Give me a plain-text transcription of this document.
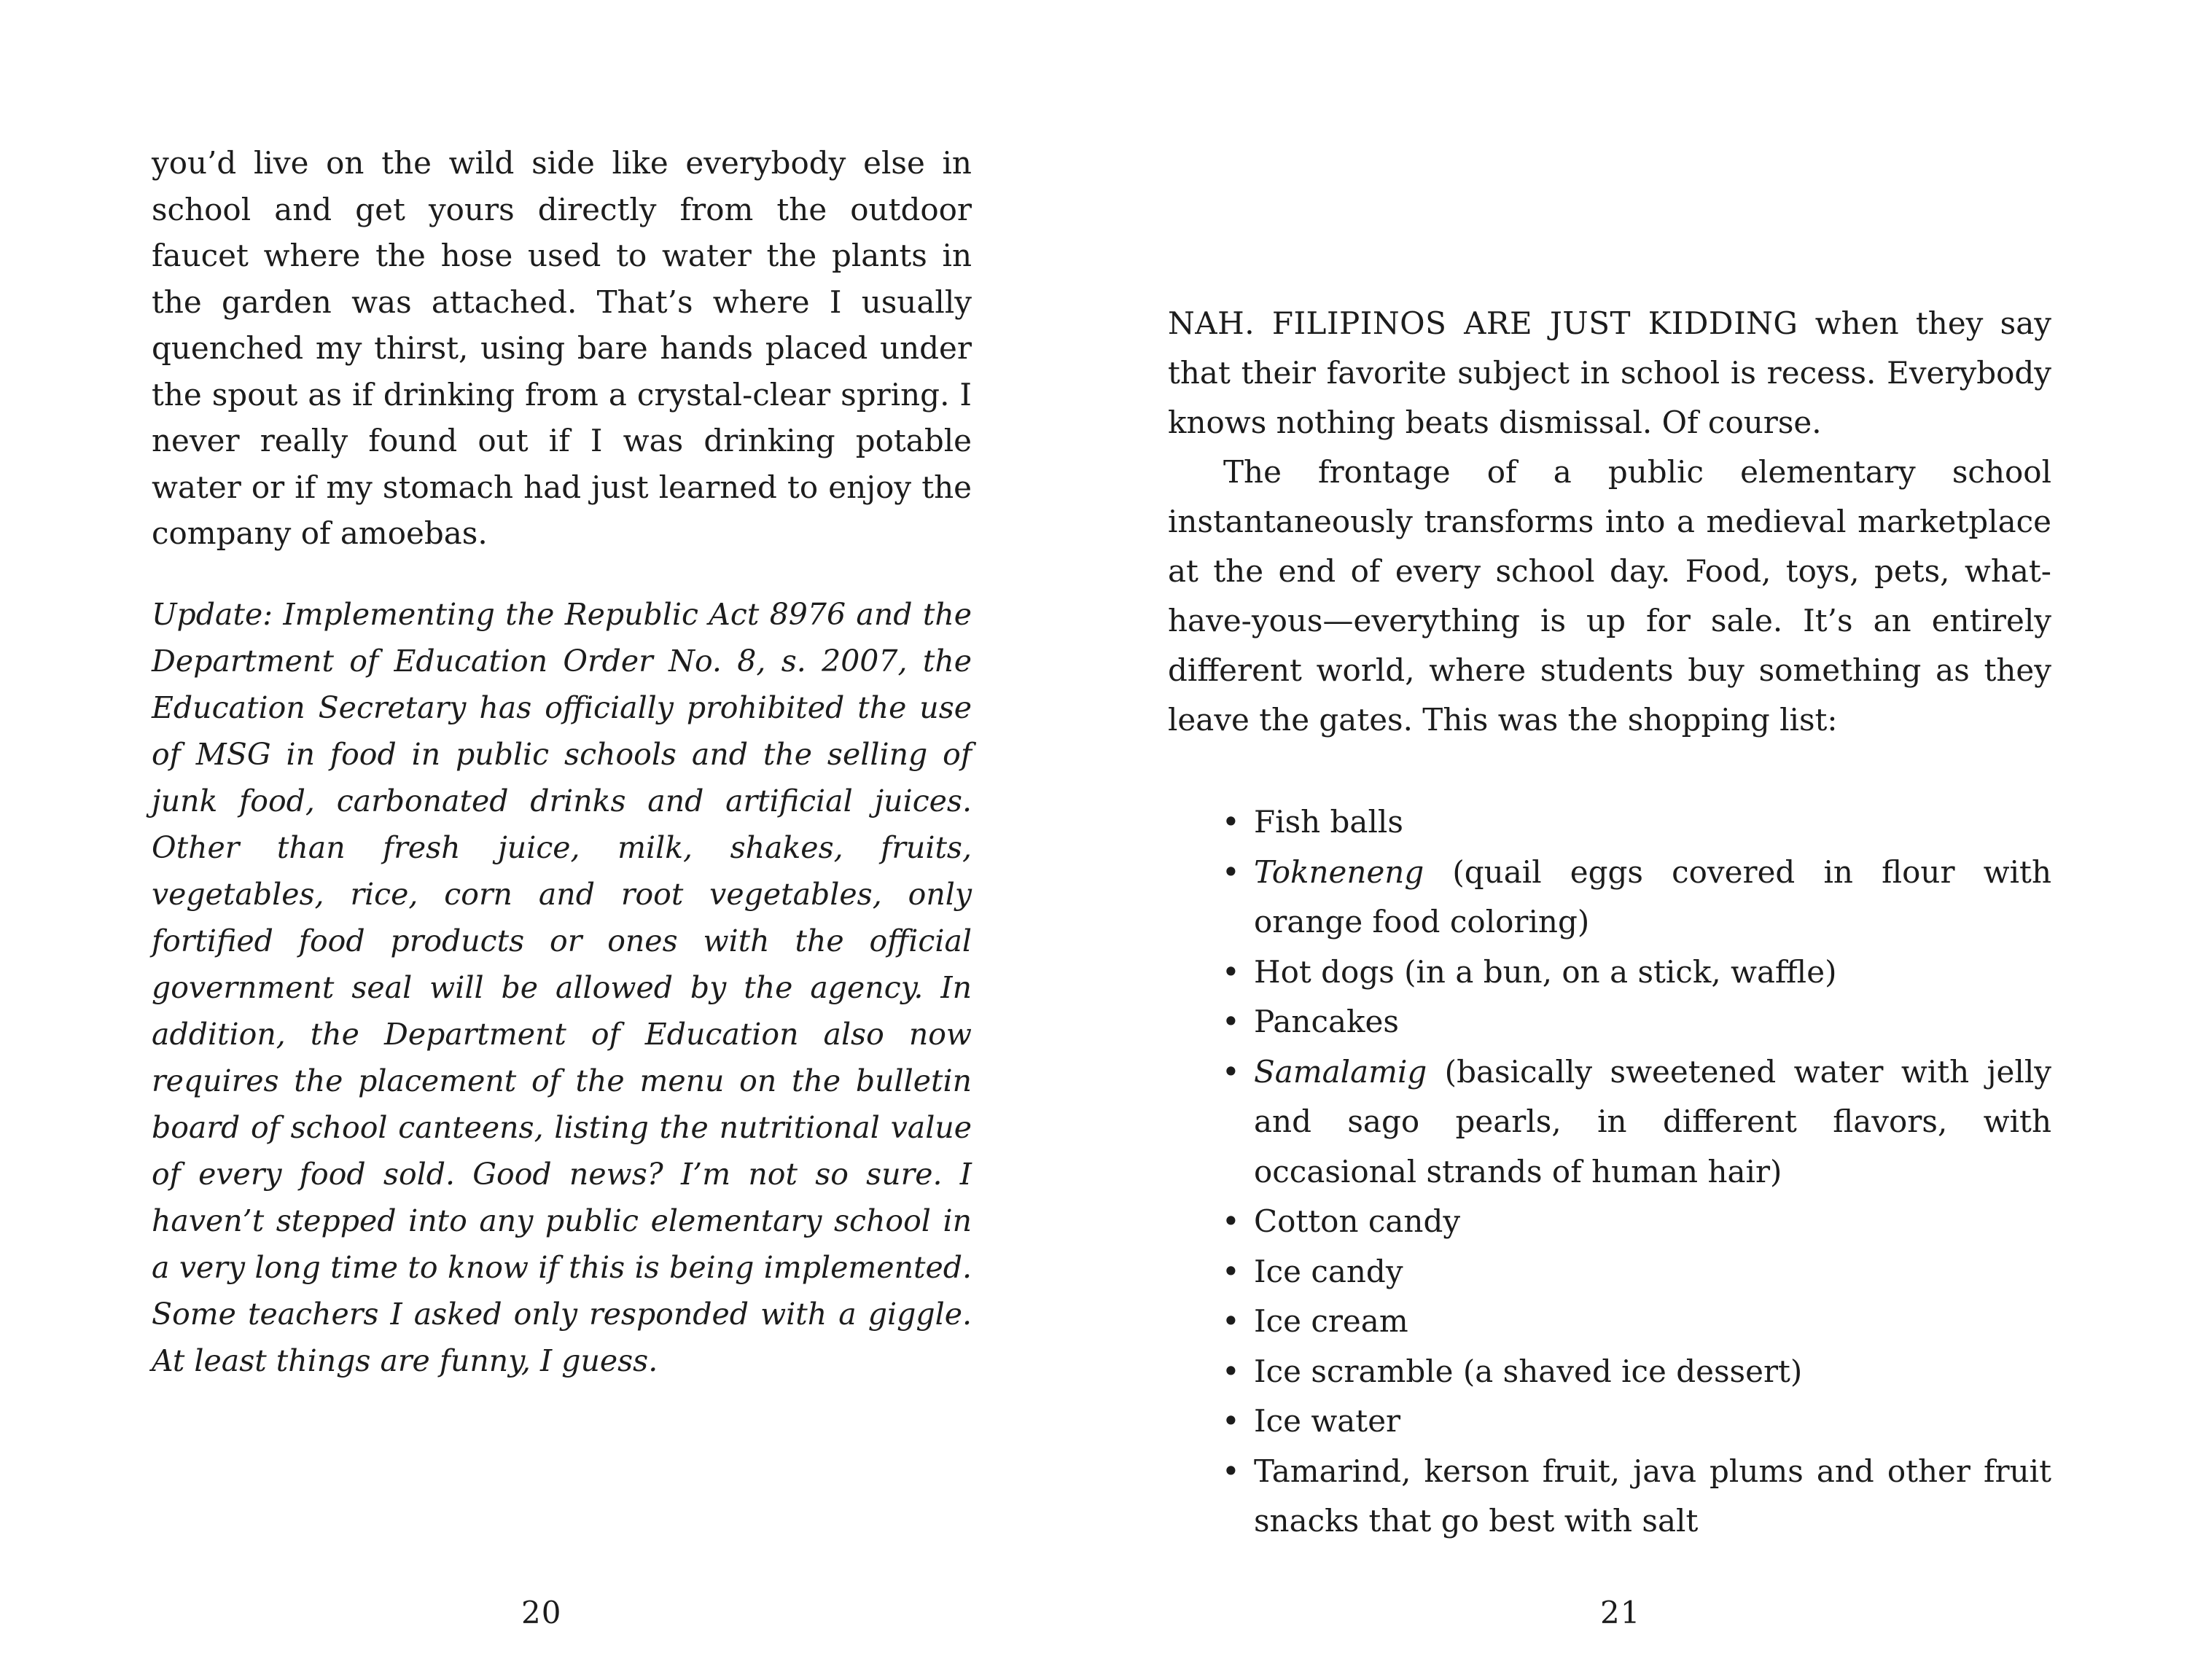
you’d live on the wild side like everybody else in school and get yours directly from the outdoor faucet where the hose used to water the plants in the garden was attached. That’s where I usually quenched my thirst, using bare hands placed under the spout as if drinking from a crystal-clear spring. I never really found out if I was drinking potable water or if my stomach had just learned to enjoy the company of amoebas.

Update: Implementing the Republic Act 8976 and the Department of Education Order No. 8, s. 2007, the Education Secretary has officially prohibited the use of MSG in food in public schools and the selling of junk food, carbonated drinks and artificial juices. Other than fresh juice, milk, shakes, fruits, vegetables, rice, corn and root vegetables, only fortified food products or ones with the official government seal will be allowed by the agency. In addition, the Department of Education also now requires the placement of the menu on the bulletin board of school canteens, listing the nutritional value of every food sold. Good news? I’m not so sure. I haven’t stepped into any public elementary school in a very long time to know if this is being implemented. Some teachers I asked only responded with a giggle. At least things are funny, I guess.

20

NAH. FILIPINOS ARE JUST KIDDING when they say that their favorite subject in school is recess. Everybody knows nothing beats dismissal. Of course.

The frontage of a public elementary school instantaneously transforms into a medieval marketplace at the end of every school day. Food, toys, pets, what-have-yous—everything is up for sale. It’s an entirely different world, where students buy something as they leave the gates. This was the shopping list:

• Fish balls
• Tokneneng (quail eggs covered in flour with orange food coloring)
• Hot dogs (in a bun, on a stick, waffle)
• Pancakes
• Samalamig (basically sweetened water with jelly and sago pearls, in different flavors, with occasional strands of human hair)
• Cotton candy
• Ice candy
• Ice cream
• Ice scramble (a shaved ice dessert)
• Ice water
• Tamarind, kerson fruit, java plums and other fruit snacks that go best with salt
21
